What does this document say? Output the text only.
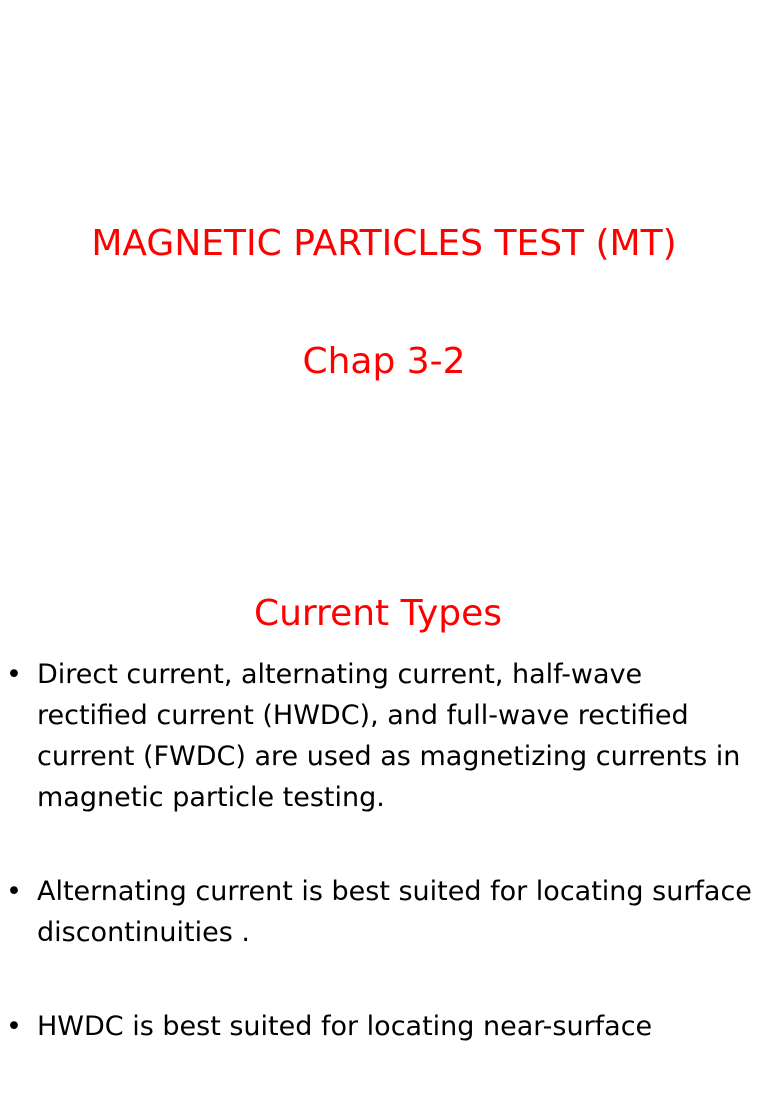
MAGNETIC PARTICLES TEST (MT)
Chap 3-2
Current Types
• Direct current, alternating current, half-wave rectified current (HWDC), and full-wave rectified current (FWDC) are used as magnetizing currents in magnetic particle testing.
• Alternating current is best suited for locating surface discontinuities .
• HWDC is best suited for locating near-surface
